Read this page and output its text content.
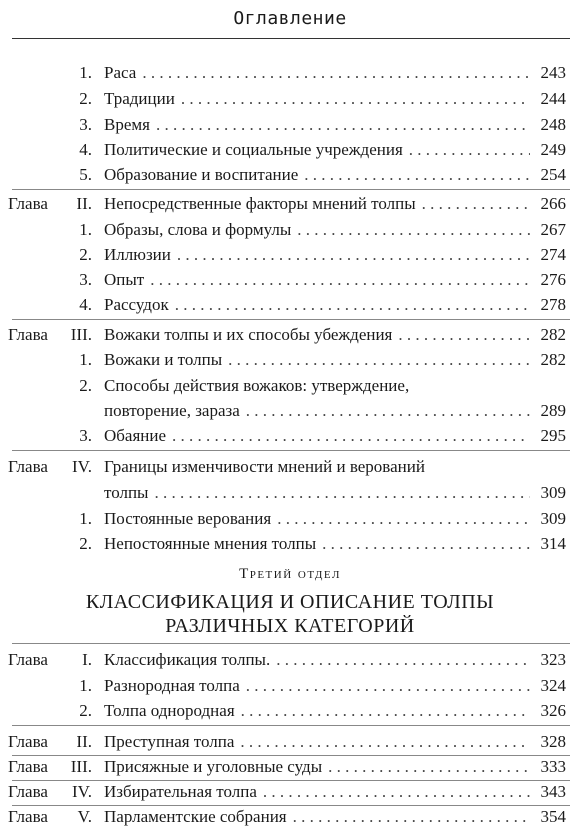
Оглавление
1. Раса . . .	243
2. Традиции . . .	244
3. Время . . .	248
4. Политические и социальные учреждения . . .	249
5. Образование и воспитание . . .	254
Глава II. Непосредственные факторы мнений толпы . . .	266
1. Образы, слова и формулы . . .	267
2. Иллюзии . . .	274
3. Опыт . . .	276
4. Рассудок . . .	278
Глава III. Вожаки толпы и их способы убеждения . . .	282
1. Вожаки и толпы . . .	282
2. Способы действия вожаков: утверждение,
повторение, зараза . . .	289
3. Обаяние . . .	295
Глава IV. Границы изменчивости мнений и верований
толпы . . .	309
1. Постоянные верования . . .	309
2. Непостоянные мнения толпы . . .	314
Третий отдел
КЛАССИФИКАЦИЯ И ОПИСАНИЕ ТОЛПЫ
РАЗЛИЧНЫХ КАТЕГОРИЙ
Глава I. Классификация толпы. . . .	323
1. Разнородная толпа . . .	324
2. Толпа однородная . . .	326
Глава II. Преступная толпа . . .	328
Глава III. Присяжные и уголовные суды . . .	333
Глава IV. Избирательная толпа . . .	343
Глава V. Парламентские собрания . . .	354
